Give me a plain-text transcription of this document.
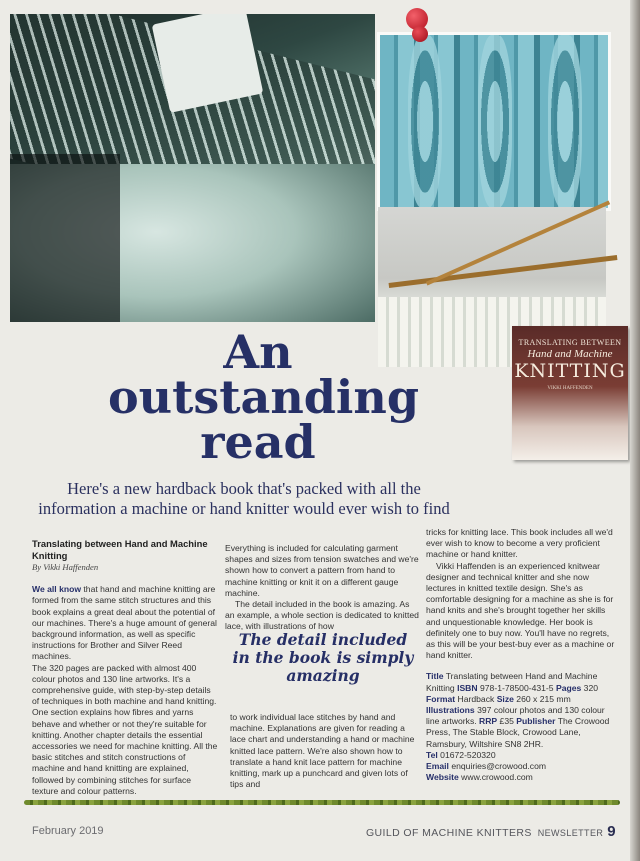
TRANSLATING BETWEEN
Hand and Machine
KNITTING
VIKKI HAFFENDEN
An outstanding read
Here's a new hardback book that's packed with all the information a machine or hand knitter would ever wish to find

Translating between Hand and Machine Knitting

By Vikki Haffenden

We all know that hand and machine knitting are formed from the same stitch structures and this book explains a great deal about the potential of our machines. There's a huge amount of general background information, as well as specific instructions for Brother and Silver Reed machines.

The 320 pages are packed with almost 400 colour photos and 130 line artworks. It's a comprehensive guide, with step-by-step details of techniques in both machine and hand knitting. One section explains how fibres and yarns behave and whether or not they're suitable for knitting. Another chapter details the essential accessories we need for machine knitting. All the basic stitches and stitch constructions of machine and hand knitting are explained, followed by combining stitches for surface texture and colour patterns.

Everything is included for calculating garment shapes and sizes from tension swatches and we're shown how to convert a pattern from hand to machine knitting or knit it on a different gauge machine.

The detail included in the book is amazing. As an example, a whole section is dedicated to knitted lace, with illustrations of how

The detail included in the book is simply amazing

to work individual lace stitches by hand and machine. Explanations are given for reading a lace chart and understanding a hand or machine knitted lace pattern. We're also shown how to translate a hand knit lace pattern for machine knitting, mark up a punchcard and given lots of tips and

tricks for knitting lace. This book includes all we'd ever wish to know to become a very proficient machine or hand knitter.

Vikki Haffenden is an experienced knitwear designer and technical knitter and she now lectures in knitted textile design. She's as comfortable designing for a machine as she is for hand knits and she's brought together her skills and unquestionable knowledge. Her book is definitely one to buy now. You'll have no regrets, as this will be your best-buy ever as a machine or hand knitter.

Title Translating between Hand and Machine Knitting ISBN 978-1-78500-431-5 Pages 320 Format Hardback Size 260 x 215 mm Illustrations 397 colour photos and 130 colour line artworks. RRP £35 Publisher The Crowood Press, The Stable Block, Crowood Lane, Ramsbury, Wiltshire SN8 2HR.
Tel 01672-520320
Email enquiries@crowood.com
Website www.crowood.com

February 2019	GUILD OF MACHINE KNITTERS NEWSLETTER 9
